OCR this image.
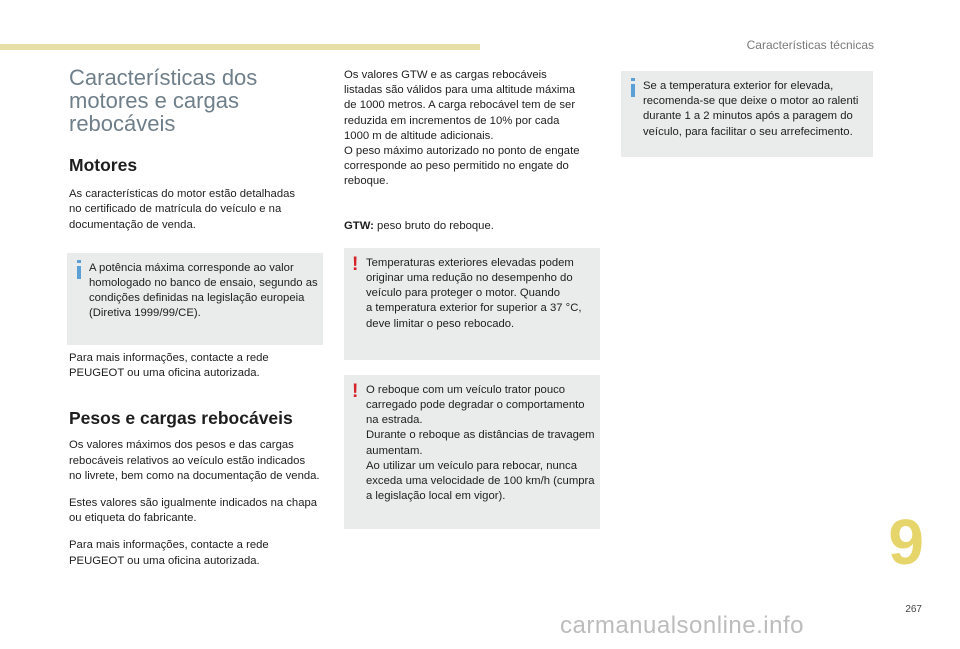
Características técnicas
Características dos
motores e cargas
rebocáveis
Motores

As características do motor estão detalhadas
no certificado de matrícula do veículo e na
documentação de venda.

A potência máxima corresponde ao valor
homologado no banco de ensaio, segundo as
condições definidas na legislação europeia
(Diretiva 1999/99/CE).

Para mais informações, contacte a rede
PEUGEOT ou uma oficina autorizada.

Pesos e cargas rebocáveis

Os valores máximos dos pesos e das cargas
rebocáveis relativos ao veículo estão indicados
no livrete, bem como na documentação de venda.

Estes valores são igualmente indicados na chapa
ou etiqueta do fabricante.

Para mais informações, contacte a rede
PEUGEOT ou uma oficina autorizada.

Os valores GTW e as cargas rebocáveis
listadas são válidos para uma altitude máxima
de 1000 metros. A carga rebocável tem de ser
reduzida em incrementos de 10% por cada
1000 m de altitude adicionais.
O peso máximo autorizado no ponto de engate
corresponde ao peso permitido no engate do
reboque.

GTW: peso bruto do reboque.

! Temperaturas exteriores elevadas podem
originar uma redução no desempenho do
veículo para proteger o motor. Quando
a temperatura exterior for superior a 37 °C,
deve limitar o peso rebocado.
! O reboque com um veículo trator pouco
carregado pode degradar o comportamento
na estrada.
Durante o reboque as distâncias de travagem
aumentam.
Ao utilizar um veículo para rebocar, nunca
exceda uma velocidade de 100 km/h (cumpra
a legislação local em vigor).
Se a temperatura exterior for elevada,
recomenda-se que deixe o motor ao ralenti
durante 1 a 2 minutos após a paragem do
veículo, para facilitar o seu arrefecimento.
9
267
carmanualsonline.info
